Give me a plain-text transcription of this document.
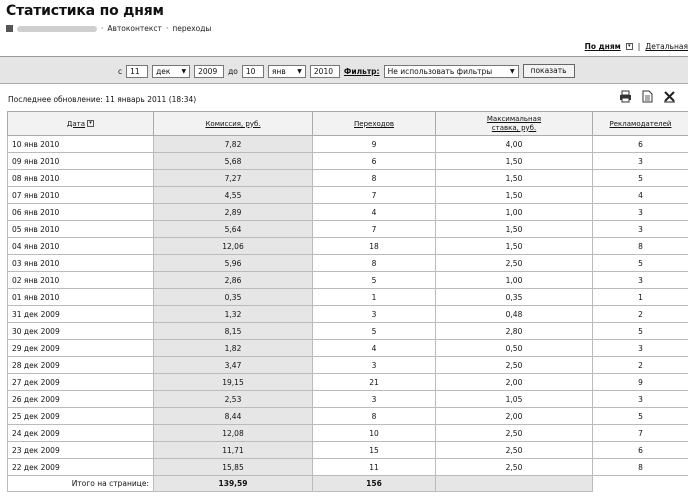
Статистика по дням
· Автоконтекст · переходы
По дням	▾ | Детальная
с	11	дек ▼	2009	до	10	янв ▼	2010	Фильтр: Не использовать фильтры	▼	показать
Последнее обновление: 11 январь 2011 (18:34)
Дата ▾	Комиссия, руб.	Переходов	Максимальная
ставка, руб.	Рекламодателей
10 янв 2010	7,82	9	4,00	6
09 янв 2010	5,68	6	1,50	3
08 янв 2010	7,27	8	1,50	5
07 янв 2010	4,55	7	1,50	4
06 янв 2010	2,89	4	1,00	3
05 янв 2010	5,64	7	1,50	3
04 янв 2010	12,06	18	1,50	8
03 янв 2010	5,96	8	2,50	5
02 янв 2010	2,86	5	1,00	3
01 янв 2010	0,35	1	0,35	1
31 дек 2009	1,32	3	0,48	2
30 дек 2009	8,15	5	2,80	5
29 дек 2009	1,82	4	0,50	3
28 дек 2009	3,47	3	2,50	2
27 дек 2009	19,15	21	2,00	9
26 дек 2009	2,53	3	1,05	3
25 дек 2009	8,44	8	2,00	5
24 дек 2009	12,08	10	2,50	7
23 дек 2009	11,71	15	2,50	6
22 дек 2009	15,85	11	2,50	8
Итого на странице:	139,59	156		
